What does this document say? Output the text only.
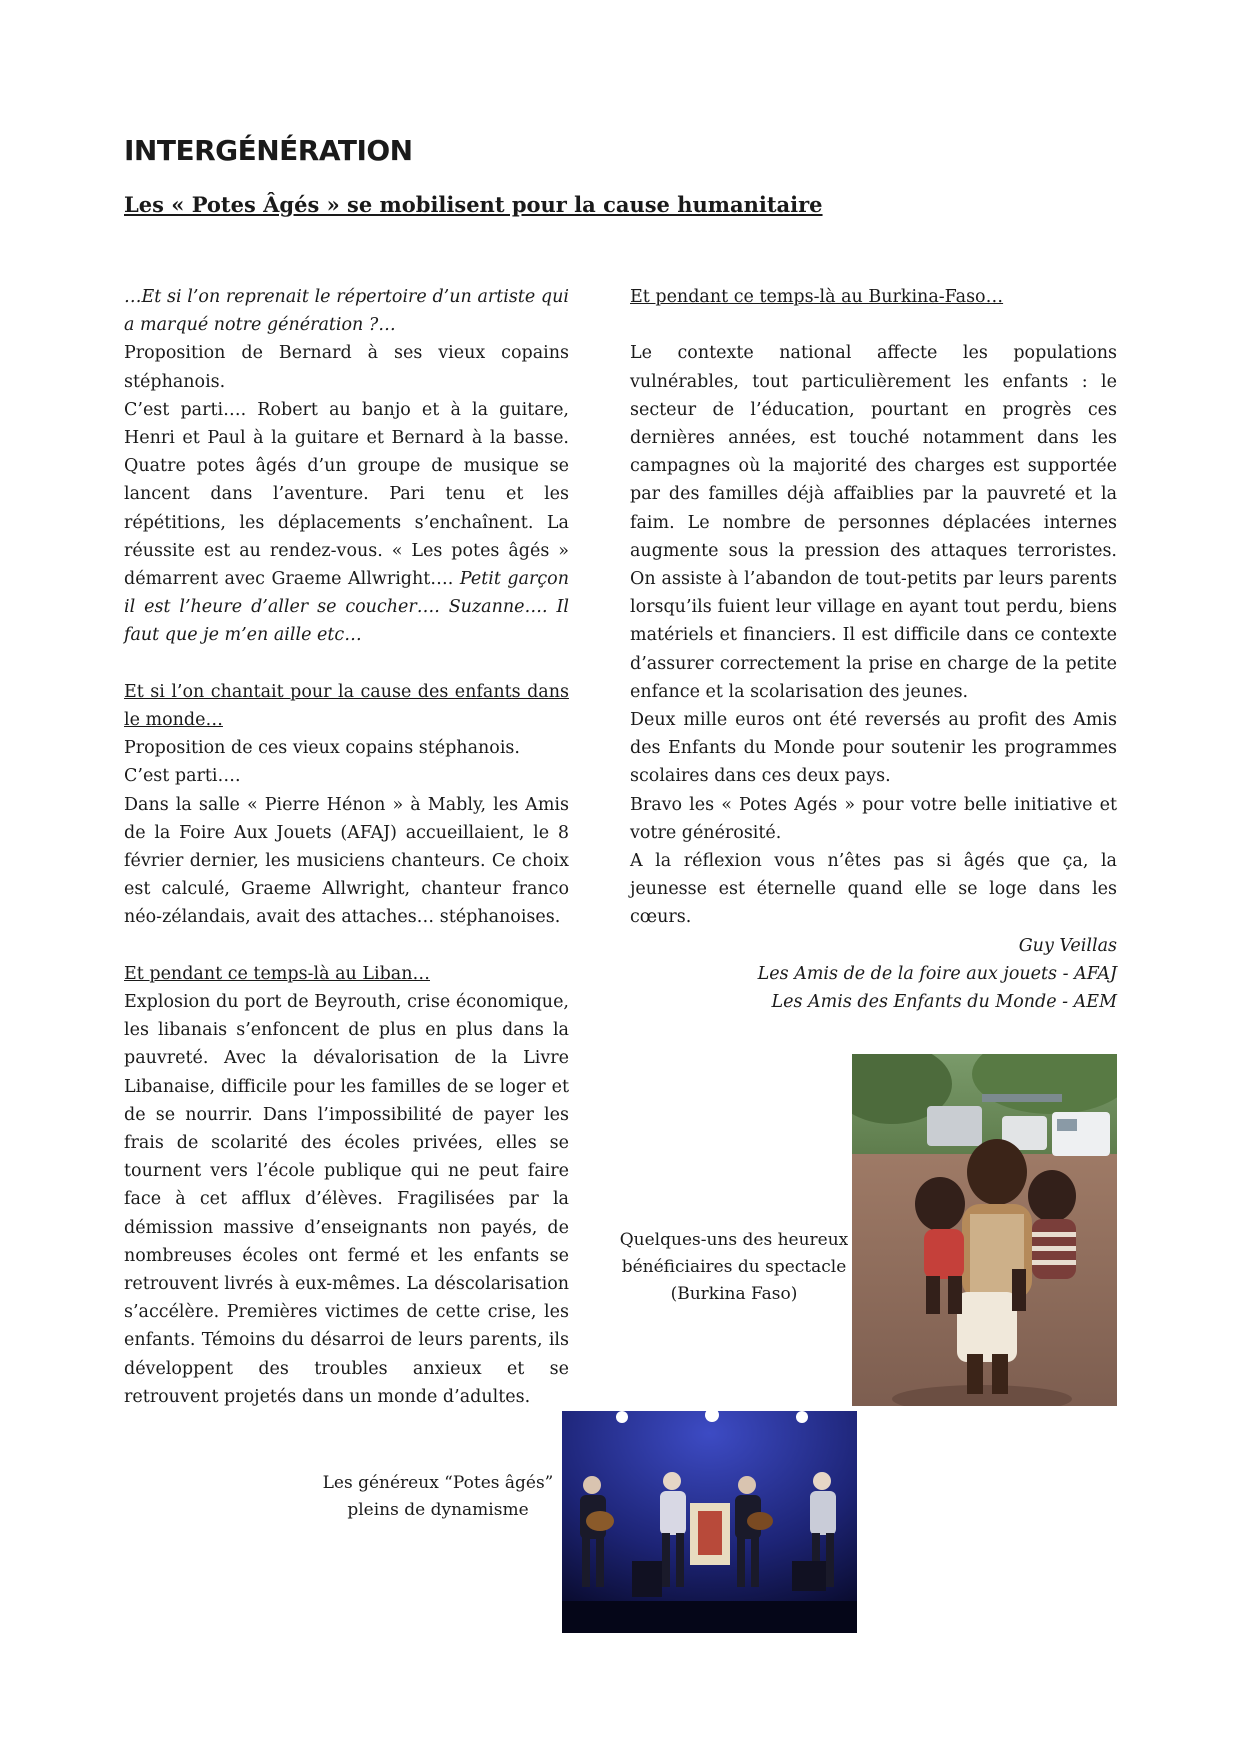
INTERGÉNÉRATION
Les « Potes Âgés » se mobilisent pour la cause humanitaire

…Et si l’on reprenait le répertoire d’un artiste qui a marqué notre génération ?…

Proposition de Bernard à ses vieux copains stéphanois.

C’est parti…. Robert au banjo et à la guitare, Henri et Paul à la guitare et Bernard à la basse. Quatre potes âgés d’un groupe de musique se lancent dans l’aventure. Pari tenu et les répétitions, les déplacements s’enchaînent. La réussite est au rendez-vous. « Les potes âgés » démarrent avec Graeme Allwright…. Petit garçon il est l’heure d’aller se coucher…. Suzanne…. Il faut que je m’en aille etc…

Et si l’on chantait pour la cause des enfants dans le monde…

Proposition de ces vieux copains stéphanois.

C’est parti….

Dans la salle « Pierre Hénon » à Mably, les Amis de la Foire Aux Jouets (AFAJ) accueillaient, le 8 février dernier, les musiciens chanteurs. Ce choix est calculé, Graeme Allwright, chanteur franco néo-zélandais, avait des attaches… stéphanoises.

Et pendant ce temps-là au Liban…

Explosion du port de Beyrouth, crise économique, les libanais s’enfoncent de plus en plus dans la pauvreté. Avec la dévalorisation de la Livre Libanaise, difficile pour les familles de se loger et de se nourrir. Dans l’impossibilité de payer les frais de scolarité des écoles privées, elles se tournent vers l’école publique qui ne peut faire face à cet afflux d’élèves. Fragilisées par la démission massive d’enseignants non payés, de nombreuses écoles ont fermé et les enfants se retrouvent livrés à eux-mêmes. La déscolarisation s’accélère. Premières victimes de cette crise, les enfants. Témoins du désarroi de leurs parents, ils développent des troubles anxieux et se retrouvent projetés dans un monde d’adultes.

Et pendant ce temps-là au Burkina-Faso…

Le contexte national affecte les populations vulnérables, tout particulièrement les enfants : le secteur de l’éducation, pourtant en progrès ces dernières années, est touché notamment dans les campagnes où la majorité des charges est supportée par des familles déjà affaiblies par la pauvreté et la faim. Le nombre de personnes déplacées internes augmente sous la pression des attaques terroristes. On assiste à l’abandon de tout-petits par leurs parents lorsqu’ils fuient leur village en ayant tout perdu, biens matériels et financiers. Il est difficile dans ce contexte d’assurer correctement la prise en charge de la petite enfance et la scolarisation des jeunes.

Deux mille euros ont été reversés au profit des Amis des Enfants du Monde pour soutenir les programmes scolaires dans ces deux pays.

Bravo les « Potes Agés » pour votre belle initiative et votre générosité.

A la réflexion vous n’êtes pas si âgés que ça, la jeunesse est éternelle quand elle se loge dans les cœurs.

Guy Veillas

Les Amis de de la foire aux jouets - AFAJ

Les Amis des Enfants du Monde - AEM

Quelques-uns des heureux
bénéficiaires du spectacle
(Burkina Faso)
Les généreux “Potes âgés”
pleins de dynamisme
